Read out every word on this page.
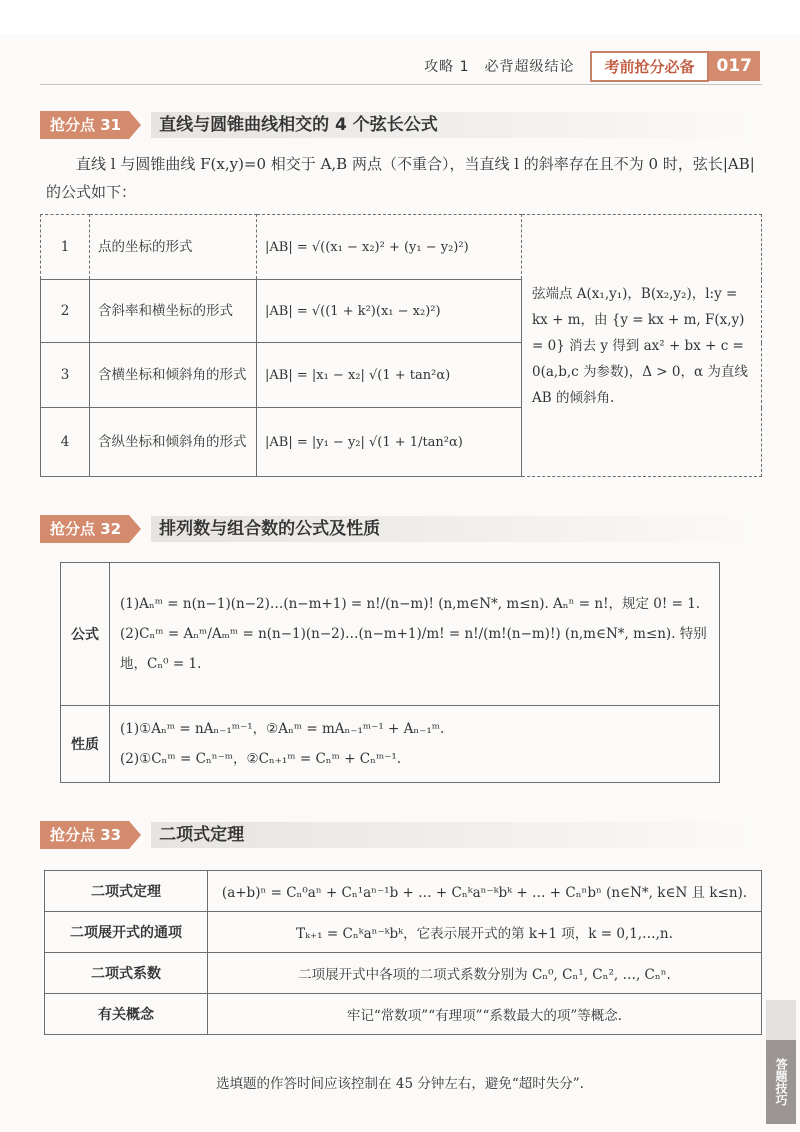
攻略 1　必背超级结论	考前抢分必备	017
抢分点 31	直线与圆锥曲线相交的 4 个弦长公式
直线 l 与圆锥曲线 F(x,y)=0 相交于 A,B 两点（不重合），当直线 l 的斜率存在且不为 0 时，弦长|AB|的公式如下：
1	点的坐标的形式	|AB| = √((x₁ − x₂)² + (y₁ − y₂)²)	弦端点 A(x₁,y₁)，B(x₂,y₂)，l:y = kx + m，由 {y = kx + m, F(x,y) = 0} 消去 y 得到 ax² + bx + c = 0(a,b,c 为参数)，Δ > 0，α 为直线 AB 的倾斜角.
2	含斜率和横坐标的形式	|AB| = √((1 + k²)(x₁ − x₂)²)	
3	含横坐标和倾斜角的形式	|AB| = |x₁ − x₂| √(1 + tan²α)	
4	含纵坐标和倾斜角的形式	|AB| = |y₁ − y₂| √(1 + 1/tan²α)	
抢分点 32	排列数与组合数的公式及性质
公式	(1)Aₙᵐ = n(n−1)(n−2)…(n−m+1) = n!/(n−m)! (n,m∈N*, m≤n). Aₙⁿ = n!，规定 0! = 1.
(2)Cₙᵐ = Aₙᵐ/Aₘᵐ = n(n−1)(n−2)…(n−m+1)/m! = n!/(m!(n−m)!) (n,m∈N*, m≤n). 特别地，Cₙ⁰ = 1.

性质	(1)①Aₙᵐ = nAₙ₋₁ᵐ⁻¹，②Aₙᵐ = mAₙ₋₁ᵐ⁻¹ + Aₙ₋₁ᵐ.
(2)①Cₙᵐ = Cₙⁿ⁻ᵐ，②Cₙ₊₁ᵐ = Cₙᵐ + Cₙᵐ⁻¹.
抢分点 33	二项式定理
二项式定理	(a+b)ⁿ = Cₙ⁰aⁿ + Cₙ¹aⁿ⁻¹b + … + Cₙᵏaⁿ⁻ᵏbᵏ + … + Cₙⁿbⁿ (n∈N*, k∈N 且 k≤n).
二项展开式的通项	Tₖ₊₁ = Cₙᵏaⁿ⁻ᵏbᵏ，它表示展开式的第 k+1 项，k = 0,1,…,n.
二项式系数	二项展开式中各项的二项式系数分别为 Cₙ⁰, Cₙ¹, Cₙ², …, Cₙⁿ.
有关概念	牢记“常数项”“有理项”“系数最大的项”等概念.
选填题的作答时间应该控制在 45 分钟左右，避免“超时失分”.	答题技巧
